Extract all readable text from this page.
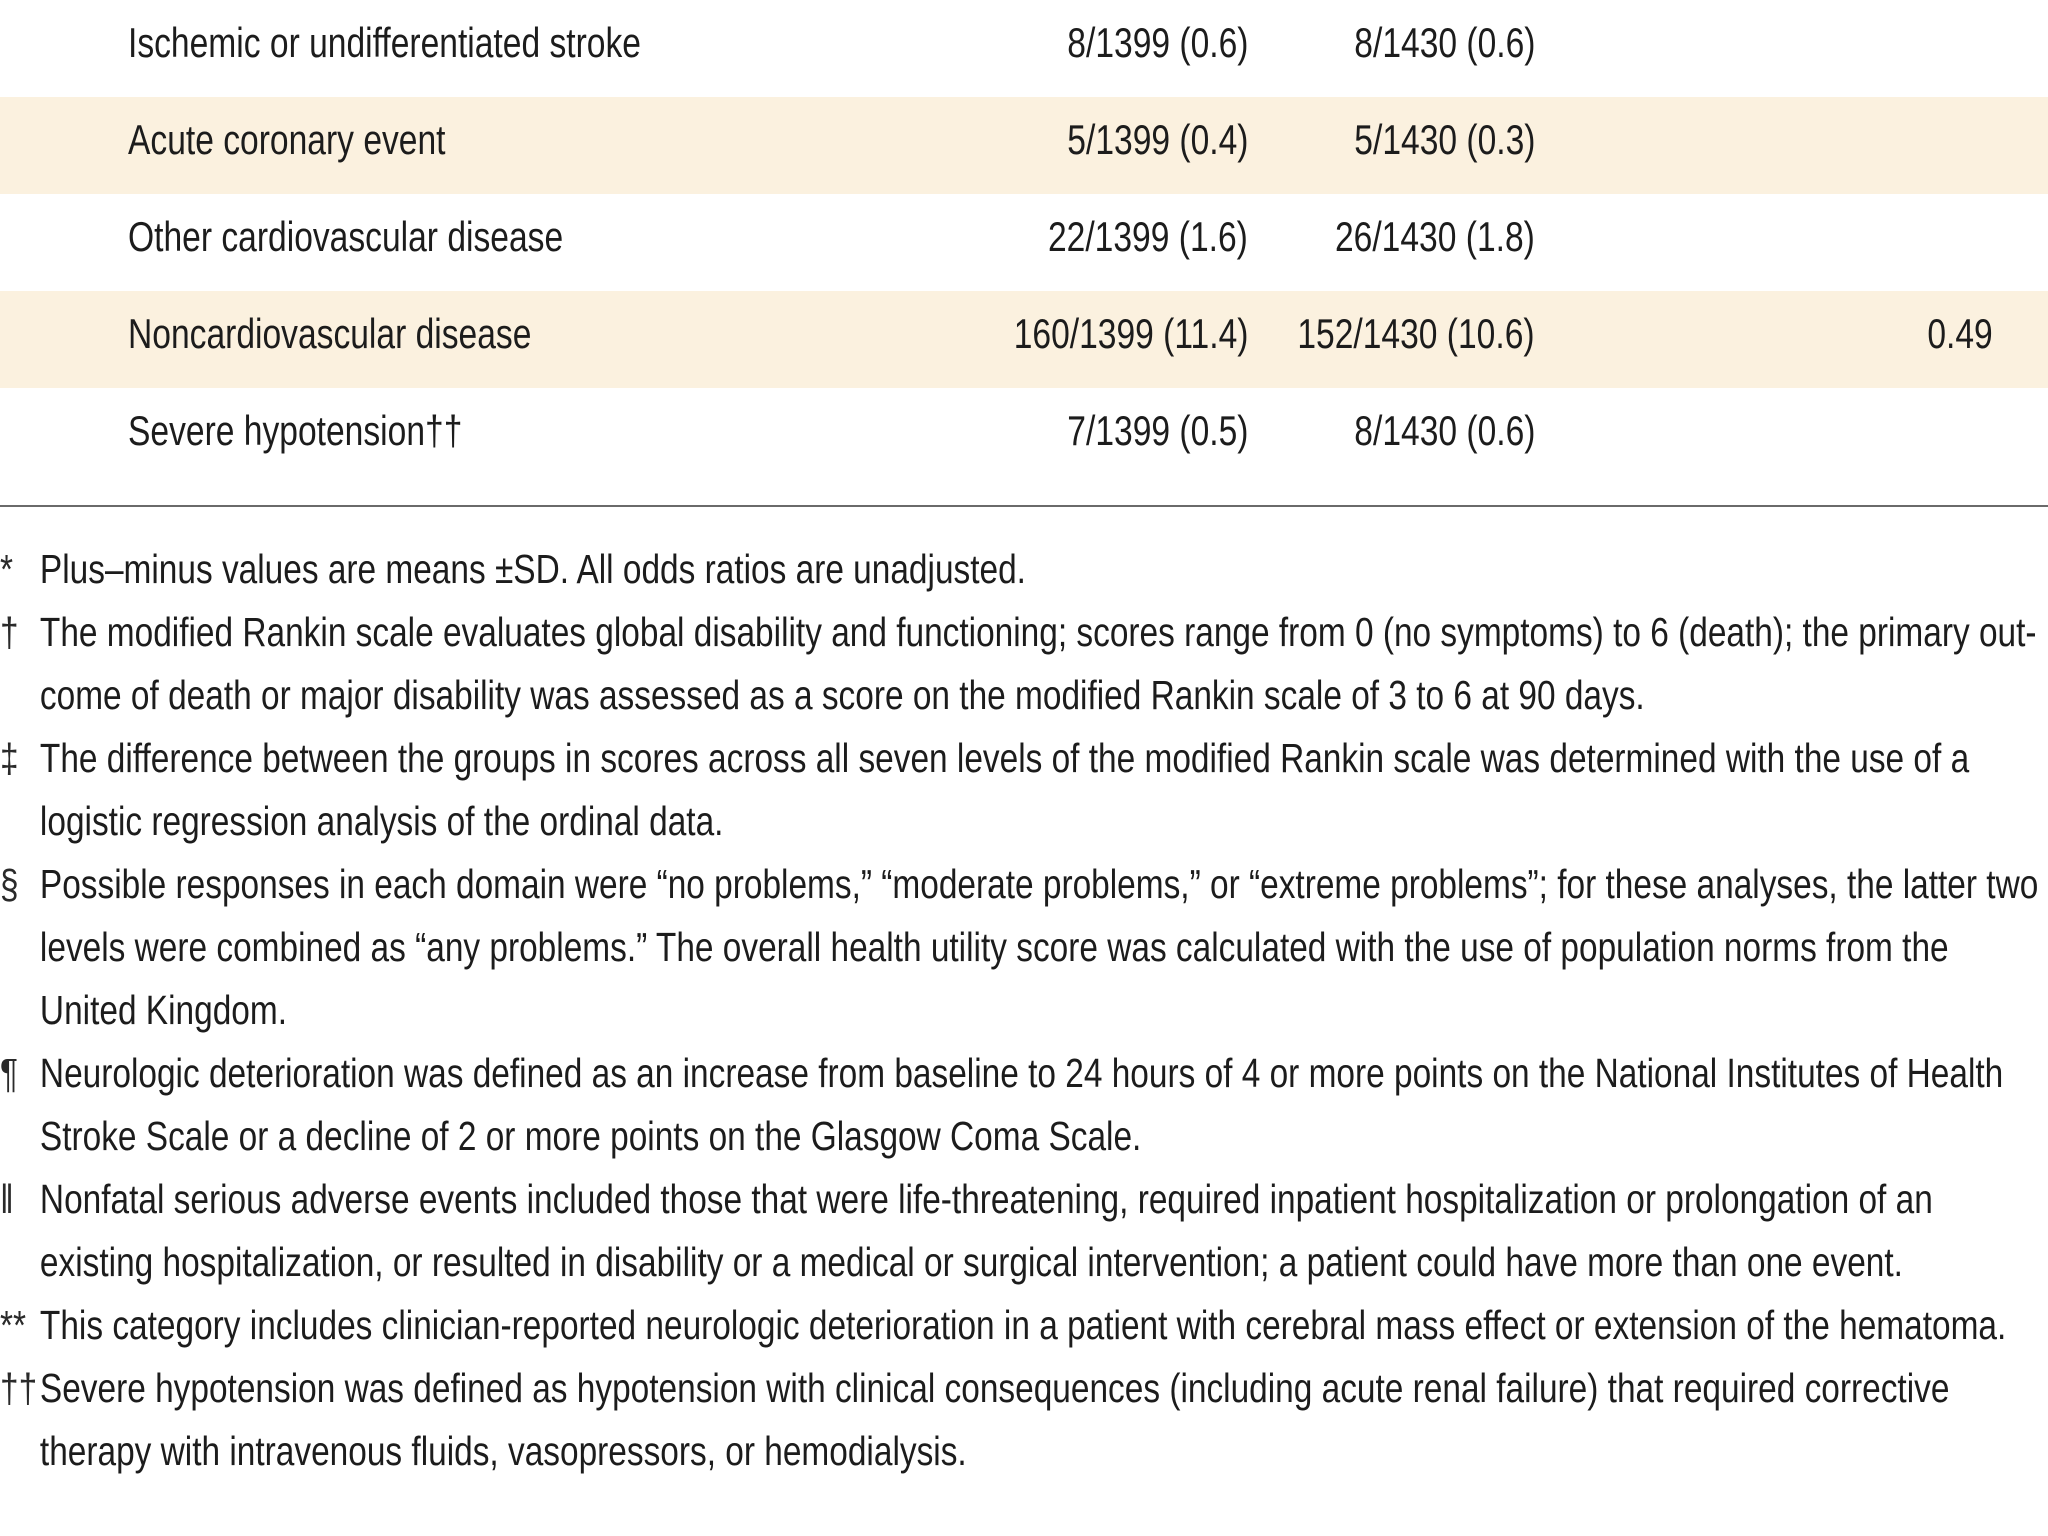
Ischemic or undifferentiated stroke	8/1399 (0.6)	8/1430 (0.6)
Acute coronary event	5/1399 (0.4)	5/1430 (0.3)
Other cardiovascular disease	22/1399 (1.6) 26/1430 (1.8)
Noncardiovascular disease	160/1399 (11.4) 152/1430 (10.6)	0.49
Severe hypotension††	7/1399 (0.5)	8/1430 (0.6)
* Plus–minus values are means ±SD. All odds ratios are unadjusted.
† The modified Rankin scale evaluates global disability and functioning; scores range from 0 (no symptoms) to 6 (death); the primary out-come of death or major disability was assessed as a score on the modified Rankin scale of 3 to 6 at 90 days.
‡ The difference between the groups in scores across all seven levels of the modified Rankin scale was determined with the use of a logistic regression analysis of the ordinal data.
§ Possible responses in each domain were “no problems,” “moderate problems,” or “extreme problems”; for these analyses, the latter two levels were combined as “any problems.” The overall health utility score was calculated with the use of population norms from the United Kingdom.
¶ Neurologic deterioration was defined as an increase from baseline to 24 hours of 4 or more points on the National Institutes of Health Stroke Scale or a decline of 2 or more points on the Glasgow Coma Scale.
‖ Nonfatal serious adverse events included those that were life-threatening, required inpatient hospitalization or prolongation of an existing hospitalization, or resulted in disability or a medical or surgical intervention; a patient could have more than one event.
** This category includes clinician-reported neurologic deterioration in a patient with cerebral mass effect or extension of the hematoma.
†† Severe hypotension was defined as hypotension with clinical consequences (including acute renal failure) that required corrective therapy with intravenous fluids, vasopressors, or hemodialysis.
